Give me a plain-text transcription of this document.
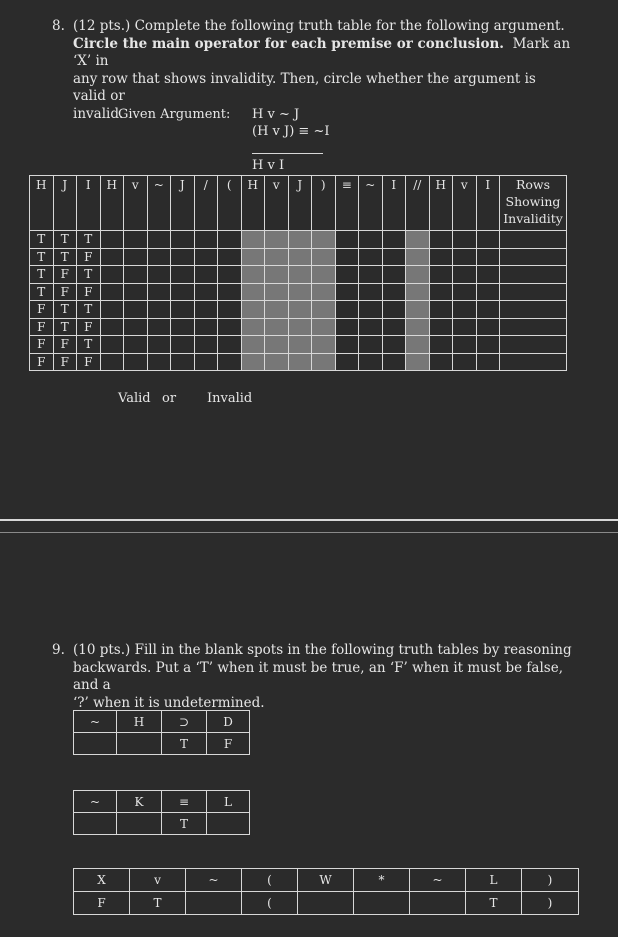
8. (12 pts.) Complete the following truth table for the following argument.
Circle the main operator for each premise or conclusion. Mark an ‘X’ in
any row that shows invalidity. Then, circle whether the argument is valid or
invalid.
Given Argument: H v ~ J
(H v J) ≡ ~I
H v I
H	J	I	H	v	~	J	/	(	H	v	J	)	≡	~	I	//	H	v	I	Rows Showing Invalidity
T	T	T																		
T	T	F																		
T	F	T																		
T	F	F																		
F	T	T																		
F	T	F																		
F	F	T																		
F	F	F																		
Valid or Invalid
9. (10 pts.) Fill in the blank spots in the following truth tables by reasoning
backwards. Put a ‘T’ when it must be true, an ‘F’ when it must be false, and a
‘?’ when it is undetermined.
~	H	⊃	D
		T	F
~	K	≡	L
		T	
X	v	~	(	W	*	~	L	)
F	T		(				T	)
